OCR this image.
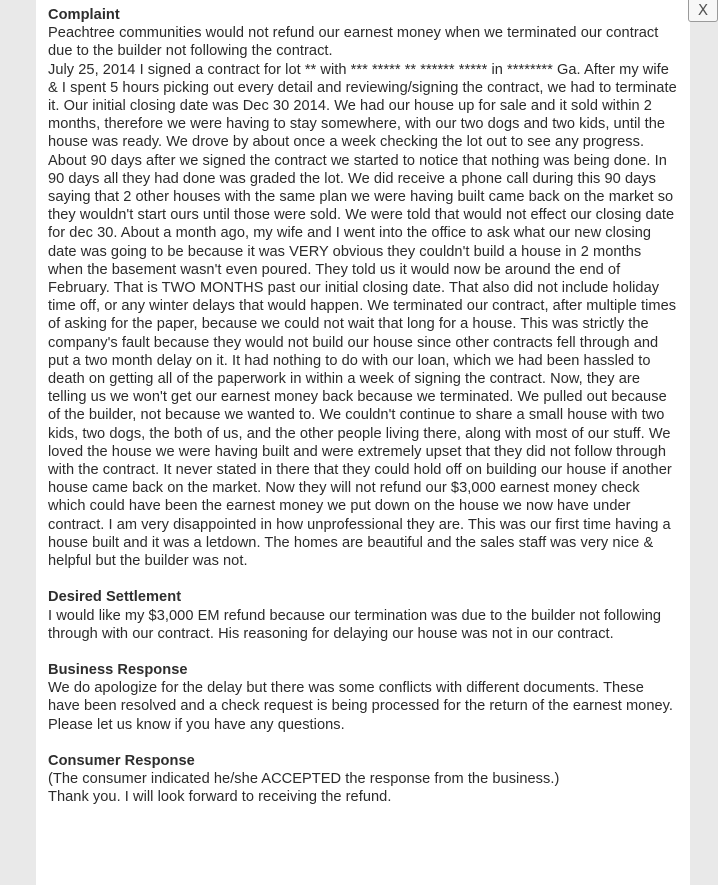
X

Complaint

Peachtree communities would not refund our earnest money when we terminated our contract due to the builder not following the contract.

July 25, 2014 I signed a contract for lot ** with *** ***** ** ****** ***** in ******** Ga. After my wife & I spent 5 hours picking out every detail and reviewing/signing the contract, we had to terminate it. Our initial closing date was Dec 30 2014. We had our house up for sale and it sold within 2 months, therefore we were having to stay somewhere, with our two dogs and two kids, until the house was ready. We drove by about once a week checking the lot out to see any progress. About 90 days after we signed the contract we started to notice that nothing was being done. In 90 days all they had done was graded the lot. We did receive a phone call during this 90 days saying that 2 other houses with the same plan we were having built came back on the market so they wouldn't start ours until those were sold. We were told that would not effect our closing date for dec 30. About a month ago, my wife and I went into the office to ask what our new closing date was going to be because it was VERY obvious they couldn't build a house in 2 months when the basement wasn't even poured. They told us it would now be around the end of February. That is TWO MONTHS past our initial closing date. That also did not include holiday time off, or any winter delays that would happen. We terminated our contract, after multiple times of asking for the paper, because we could not wait that long for a house. This was strictly the company's fault because they would not build our house since other contracts fell through and put a two month delay on it. It had nothing to do with our loan, which we had been hassled to death on getting all of the paperwork in within a week of signing the contract. Now, they are telling us we won't get our earnest money back because we terminated. We pulled out because of the builder, not because we wanted to. We couldn't continue to share a small house with two kids, two dogs, the both of us, and the other people living there, along with most of our stuff. We loved the house we were having built and were extremely upset that they did not follow through with the contract. It never stated in there that they could hold off on building our house if another house came back on the market. Now they will not refund our $3,000 earnest money check which could have been the earnest money we put down on the house we now have under contract. I am very disappointed in how unprofessional they are. This was our first time having a house built and it was a letdown. The homes are beautiful and the sales staff was very nice & helpful but the builder was not.

Desired Settlement

I would like my $3,000 EM refund because our termination was due to the builder not following through with our contract. His reasoning for delaying our house was not in our contract.

Business Response

We do apologize for the delay but there was some conflicts with different documents. These have been resolved and a check request is being processed for the return of the earnest money. Please let us know if you have any questions.

Consumer Response

(The consumer indicated he/she ACCEPTED the response from the business.)

Thank you. I will look forward to receiving the refund.
